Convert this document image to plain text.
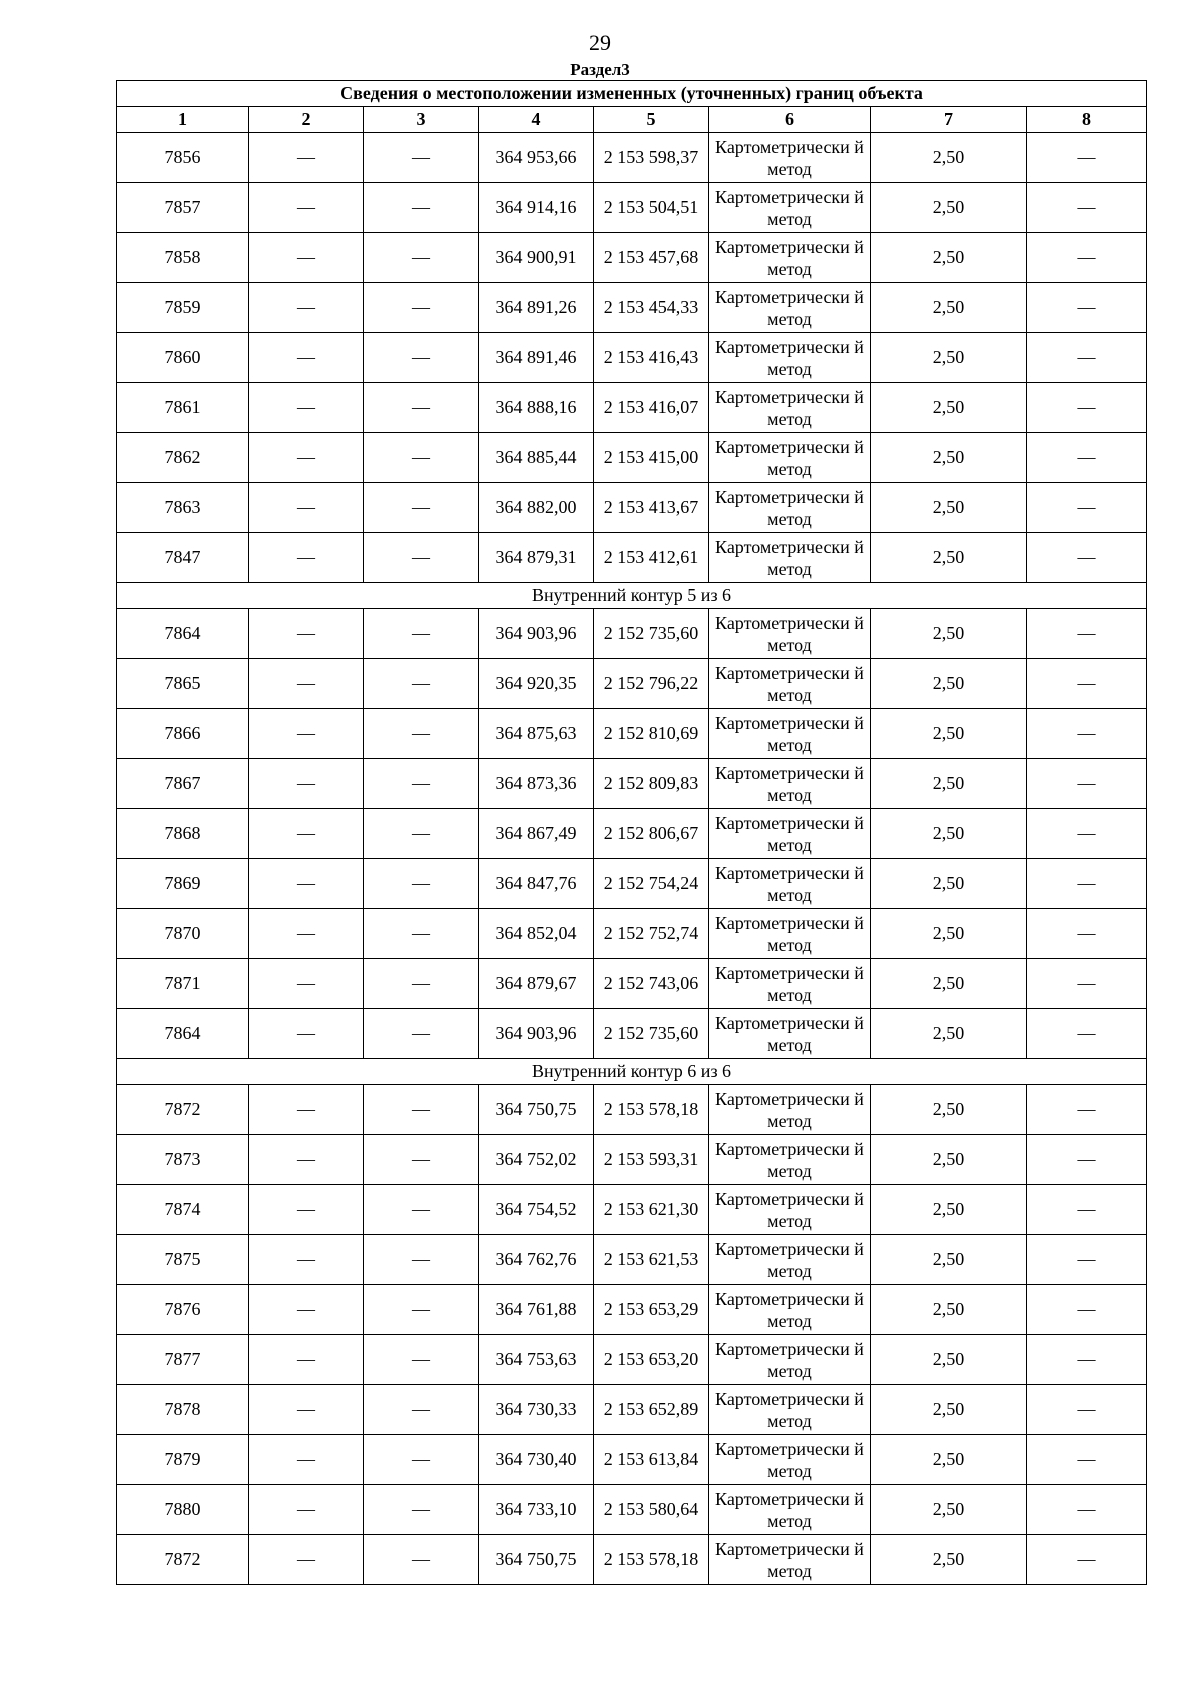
29
Раздел3
Сведения о местоположении измененных (уточненных) границ объекта							
1	2	3	4	5	6	7	8
7856	—	—	364 953,66	2 153 598,37	Картометрически й метод	2,50	—
7857	—	—	364 914,16	2 153 504,51	Картометрически й метод	2,50	—
7858	—	—	364 900,91	2 153 457,68	Картометрически й метод	2,50	—
7859	—	—	364 891,26	2 153 454,33	Картометрически й метод	2,50	—
7860	—	—	364 891,46	2 153 416,43	Картометрически й метод	2,50	—
7861	—	—	364 888,16	2 153 416,07	Картометрически й метод	2,50	—
7862	—	—	364 885,44	2 153 415,00	Картометрически й метод	2,50	—
7863	—	—	364 882,00	2 153 413,67	Картометрически й метод	2,50	—
7847	—	—	364 879,31	2 153 412,61	Картометрически й метод	2,50	—
Внутренний контур 5 из 6							
7864	—	—	364 903,96	2 152 735,60	Картометрически й метод	2,50	—
7865	—	—	364 920,35	2 152 796,22	Картометрически й метод	2,50	—
7866	—	—	364 875,63	2 152 810,69	Картометрически й метод	2,50	—
7867	—	—	364 873,36	2 152 809,83	Картометрически й метод	2,50	—
7868	—	—	364 867,49	2 152 806,67	Картометрически й метод	2,50	—
7869	—	—	364 847,76	2 152 754,24	Картометрически й метод	2,50	—
7870	—	—	364 852,04	2 152 752,74	Картометрически й метод	2,50	—
7871	—	—	364 879,67	2 152 743,06	Картометрически й метод	2,50	—
7864	—	—	364 903,96	2 152 735,60	Картометрически й метод	2,50	—
Внутренний контур 6 из 6							
7872	—	—	364 750,75	2 153 578,18	Картометрически й метод	2,50	—
7873	—	—	364 752,02	2 153 593,31	Картометрически й метод	2,50	—
7874	—	—	364 754,52	2 153 621,30	Картометрически й метод	2,50	—
7875	—	—	364 762,76	2 153 621,53	Картометрически й метод	2,50	—
7876	—	—	364 761,88	2 153 653,29	Картометрически й метод	2,50	—
7877	—	—	364 753,63	2 153 653,20	Картометрически й метод	2,50	—
7878	—	—	364 730,33	2 153 652,89	Картометрически й метод	2,50	—
7879	—	—	364 730,40	2 153 613,84	Картометрически й метод	2,50	—
7880	—	—	364 733,10	2 153 580,64	Картометрически й метод	2,50	—
7872	—	—	364 750,75	2 153 578,18	Картометрически й метод	2,50	—
